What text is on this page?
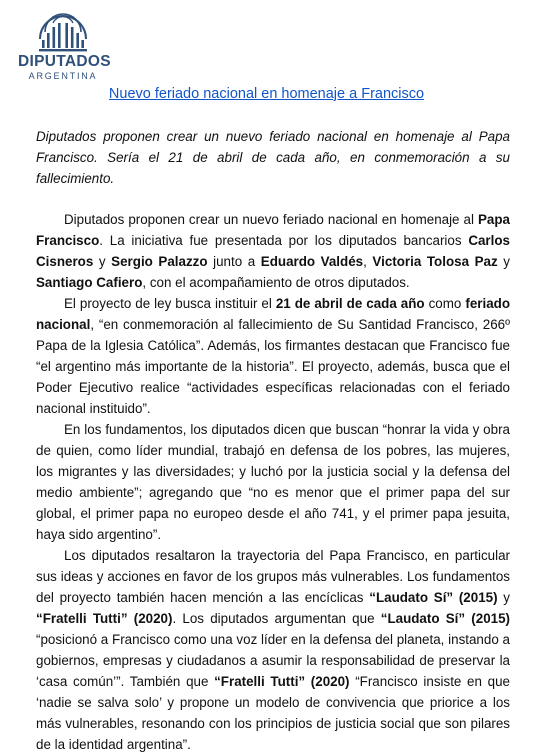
DIPUTADOS
ARGENTINA
Nuevo feriado nacional en homenaje a Francisco

Diputados proponen crear un nuevo feriado nacional en homenaje al Papa Francisco. Sería el 21 de abril de cada año, en conmemoración a su fallecimiento.

Diputados proponen crear un nuevo feriado nacional en homenaje al Papa Francisco. La iniciativa fue presentada por los diputados bancarios Carlos Cisneros y Sergio Palazzo junto a Eduardo Valdés, Victoria Tolosa Paz y Santiago Cafiero, con el acompañamiento de otros diputados.

El proyecto de ley busca instituir el 21 de abril de cada año como feriado nacional, “en conmemoración al fallecimiento de Su Santidad Francisco, 266º Papa de la Iglesia Católica”. Además, los firmantes destacan que Francisco fue “el argentino más importante de la historia”. El proyecto, además, busca que el Poder Ejecutivo realice “actividades específicas relacionadas con el feriado nacional instituido”.

En los fundamentos, los diputados dicen que buscan “honrar la vida y obra de quien, como líder mundial, trabajó en defensa de los pobres, las mujeres, los migrantes y las diversidades; y luchó por la justicia social y la defensa del medio ambiente”; agregando que “no es menor que el primer papa del sur global, el primer papa no europeo desde el año 741, y el primer papa jesuita, haya sido argentino”.

Los diputados resaltaron la trayectoria del Papa Francisco, en particular sus ideas y acciones en favor de los grupos más vulnerables. Los fundamentos del proyecto también hacen mención a las encíclicas “Laudato Sí” (2015) y “Fratelli Tutti” (2020). Los diputados argumentan que “Laudato Sí” (2015) “posicionó a Francisco como una voz líder en la defensa del planeta, instando a gobiernos, empresas y ciudadanos a asumir la responsabilidad de preservar la ‘casa común’”. También que “Fratelli Tutti” (2020) “Francisco insiste en que ‘nadie se salva solo’ y propone un modelo de convivencia que priorice a los más vulnerables, resonando con los principios de justicia social que son pilares de la identidad argentina”.
